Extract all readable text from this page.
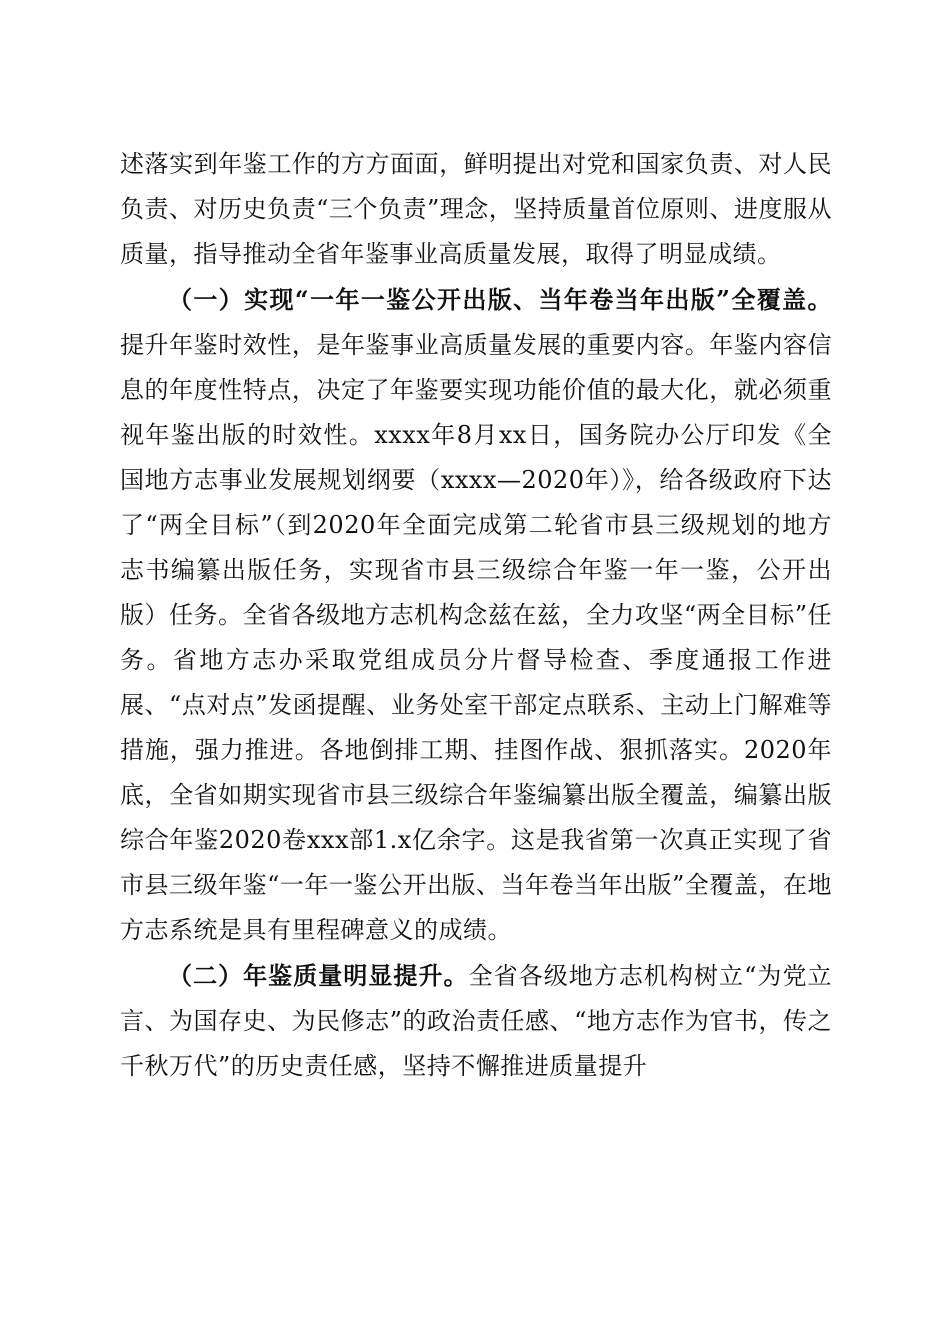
述落实到年鉴工作的方方面面，鲜明提出对党和国家负责、对人民负责、对历史负责“三个负责”理念，坚持质量首位原则、进度服从质量，指导推动全省年鉴事业高质量发展，取得了明显成绩。

（一）实现“一年一鉴公开出版、当年卷当年出版”全覆盖。提升年鉴时效性，是年鉴事业高质量发展的重要内容。年鉴内容信息的年度性特点，决定了年鉴要实现功能价值的最大化，就必须重视年鉴出版的时效性。xxxx年8月xx日，国务院办公厅印发《全国地方志事业发展规划纲要（xxxx—2020年）》，给各级政府下达了“两全目标”（到2020年全面完成第二轮省市县三级规划的地方志书编纂出版任务，实现省市县三级综合年鉴一年一鉴，公开出版）任务。全省各级地方志机构念兹在兹，全力攻坚“两全目标”任务。省地方志办采取党组成员分片督导检查、季度通报工作进展、“点对点”发函提醒、业务处室干部定点联系、主动上门解难等措施，强力推进。各地倒排工期、挂图作战、狠抓落实。2020年底，全省如期实现省市县三级综合年鉴编纂出版全覆盖，编纂出版综合年鉴2020卷xxx部1.x亿余字。这是我省第一次真正实现了省市县三级年鉴“一年一鉴公开出版、当年卷当年出版”全覆盖，在地方志系统是具有里程碑意义的成绩。

（二）年鉴质量明显提升。全省各级地方志机构树立“为党立言、为国存史、为民修志”的政治责任感、“地方志作为官书，传之千秋万代”的历史责任感，坚持不懈推进质量提升
